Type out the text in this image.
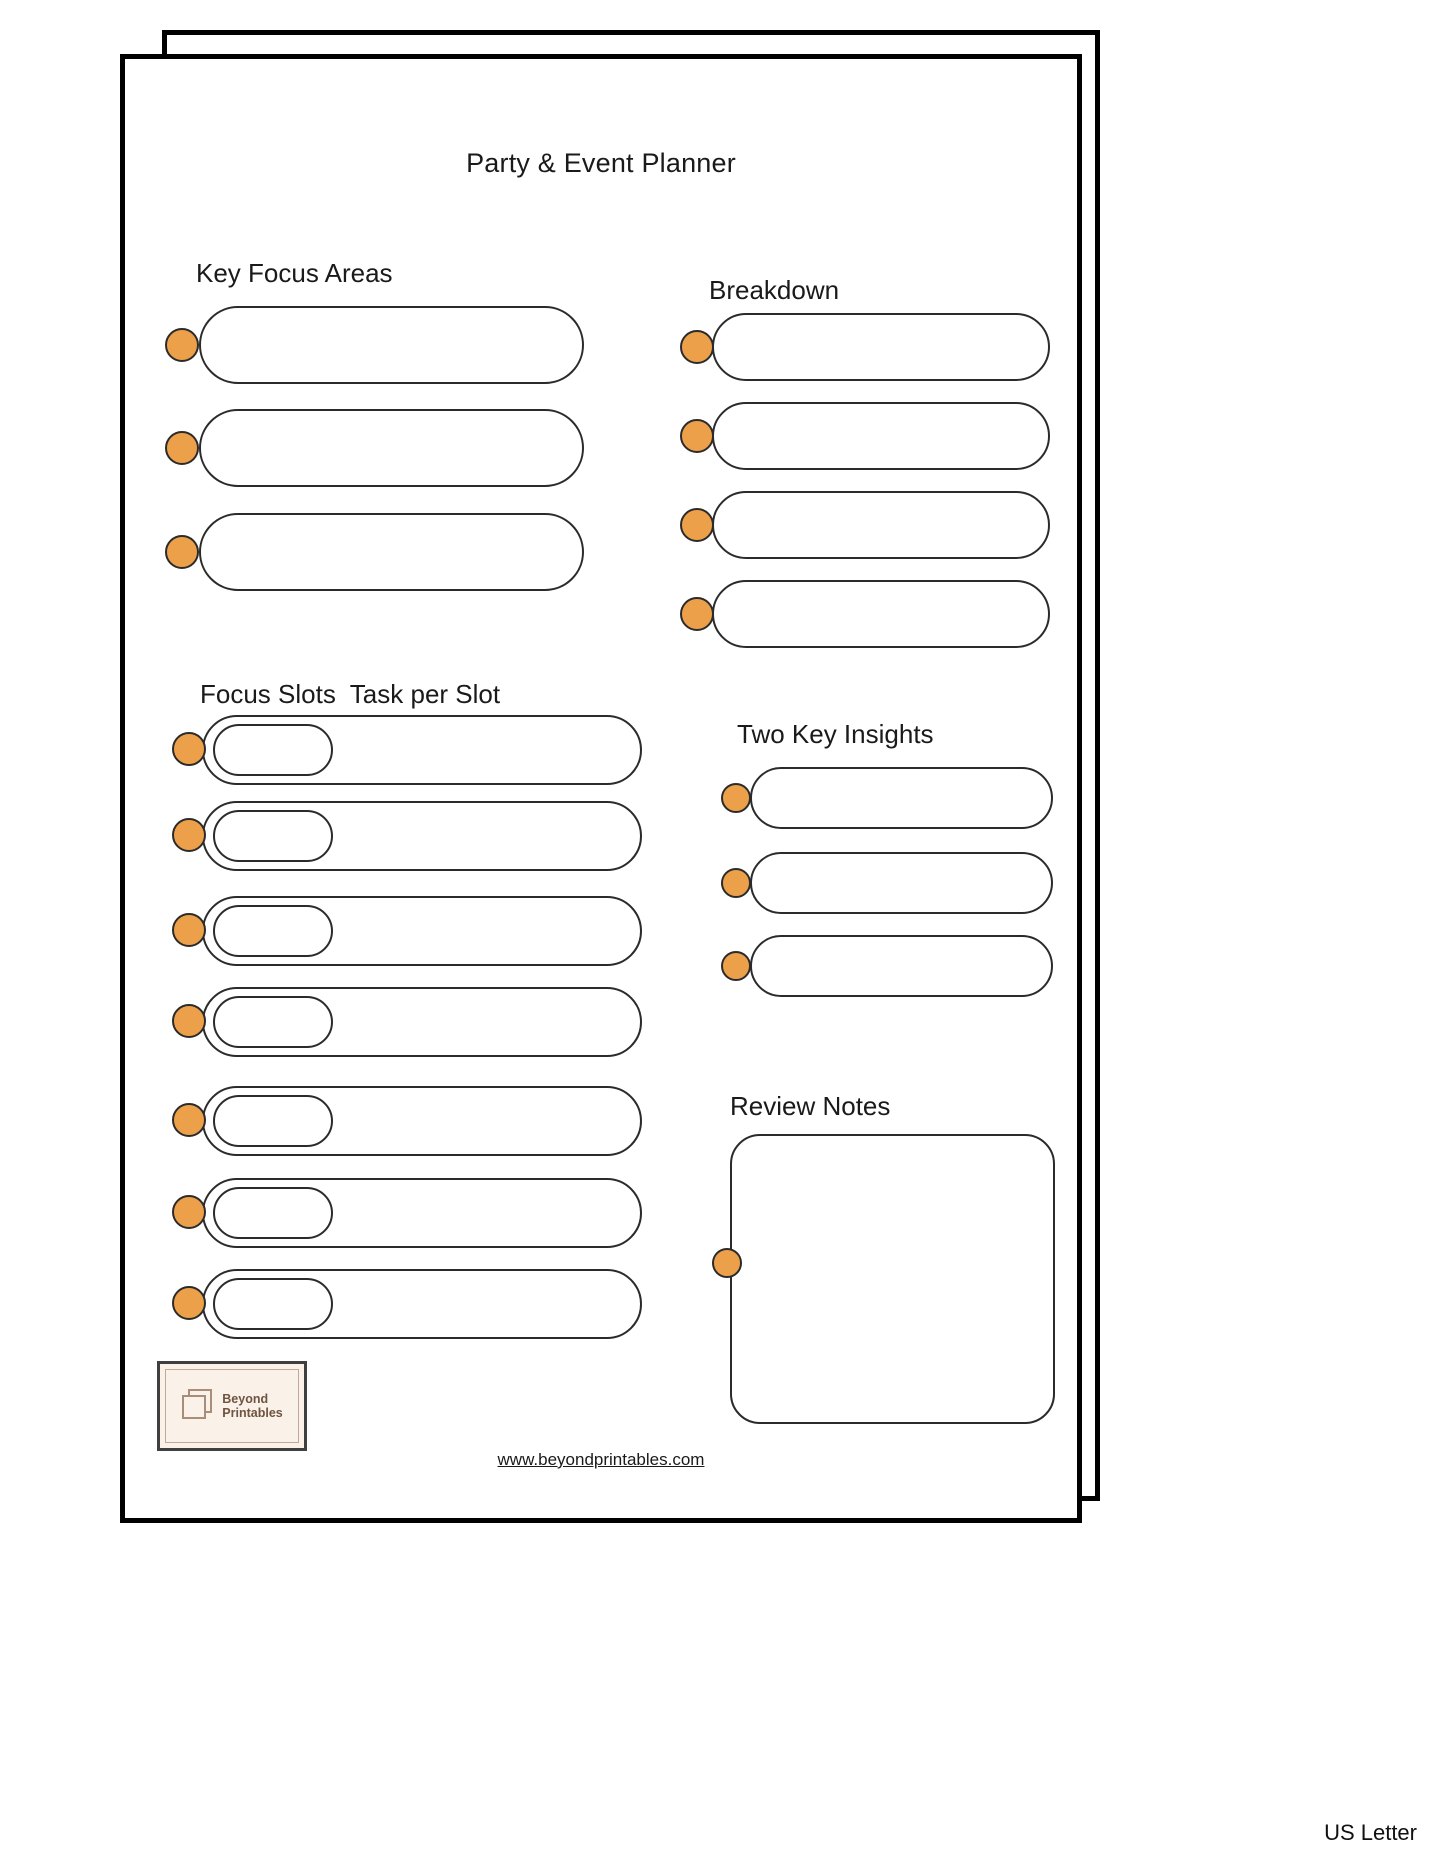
Party & Event Planner
Key Focus Areas
Breakdown
Focus Slots  Task per Slot
Two Key Insights
Review Notes
Beyond
Printables
www.beyondprintables.com
US Letter
